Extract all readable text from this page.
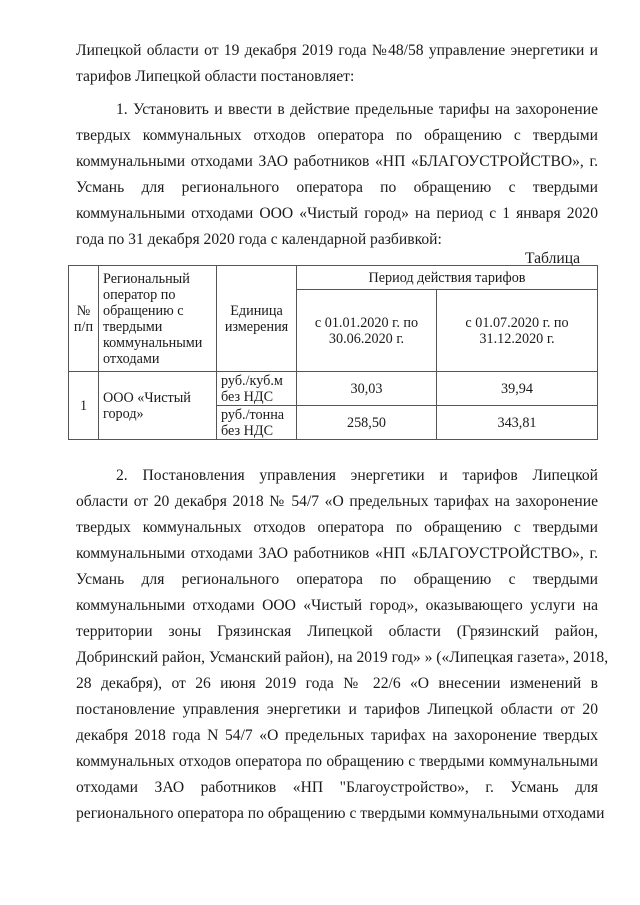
Липецкой области от 19 декабря 2019 года №48/58 управление энергетики и
тарифов Липецкой области постановляет:
1. Установить и ввести в действие предельные тарифы на захоронение
твердых коммунальных отходов оператора по обращению с твердыми
коммунальными отходами ЗАО работников «НП «БЛАГОУСТРОЙСТВО», г.
Усмань для регионального оператора по обращению с твердыми
коммунальными отходами ООО «Чистый город» на период с 1 января 2020
года по 31 декабря 2020 года с календарной разбивкой:
Таблица
№ п/п	Региональный оператор по обращению с твердыми коммунальными отходами	Единица измерения	Период действия тарифов	
			с 01.01.2020 г. по 30.06.2020 г.	с 01.07.2020 г. по 31.12.2020 г.
1	ООО «Чистый город»	руб./куб.м без НДС	30,03	39,94
		руб./тонна без НДС	258,50	343,81
2. Постановления управления энергетики и тарифов Липецкой
области от 20 декабря 2018 № 54/7 «О предельных тарифах на захоронение
твердых коммунальных отходов оператора по обращению с твердыми
коммунальными отходами ЗАО работников «НП «БЛАГОУСТРОЙСТВО», г.
Усмань для регионального оператора по обращению с твердыми
коммунальными отходами ООО «Чистый город», оказывающего услуги на
территории зоны Грязинская Липецкой области (Грязинский район,
Добринский район, Усманский район), на 2019 год» » («Липецкая газета», 2018,
28 декабря), от 26 июня 2019 года № 22/6 «О внесении изменений в
постановление управления энергетики и тарифов Липецкой области от 20
декабря 2018 года N 54/7 «О предельных тарифах на захоронение твердых
коммунальных отходов оператора по обращению с твердыми коммунальными
отходами ЗАО работников «НП "Благоустройство», г. Усмань для
регионального оператора по обращению с твердыми коммунальными отходами
